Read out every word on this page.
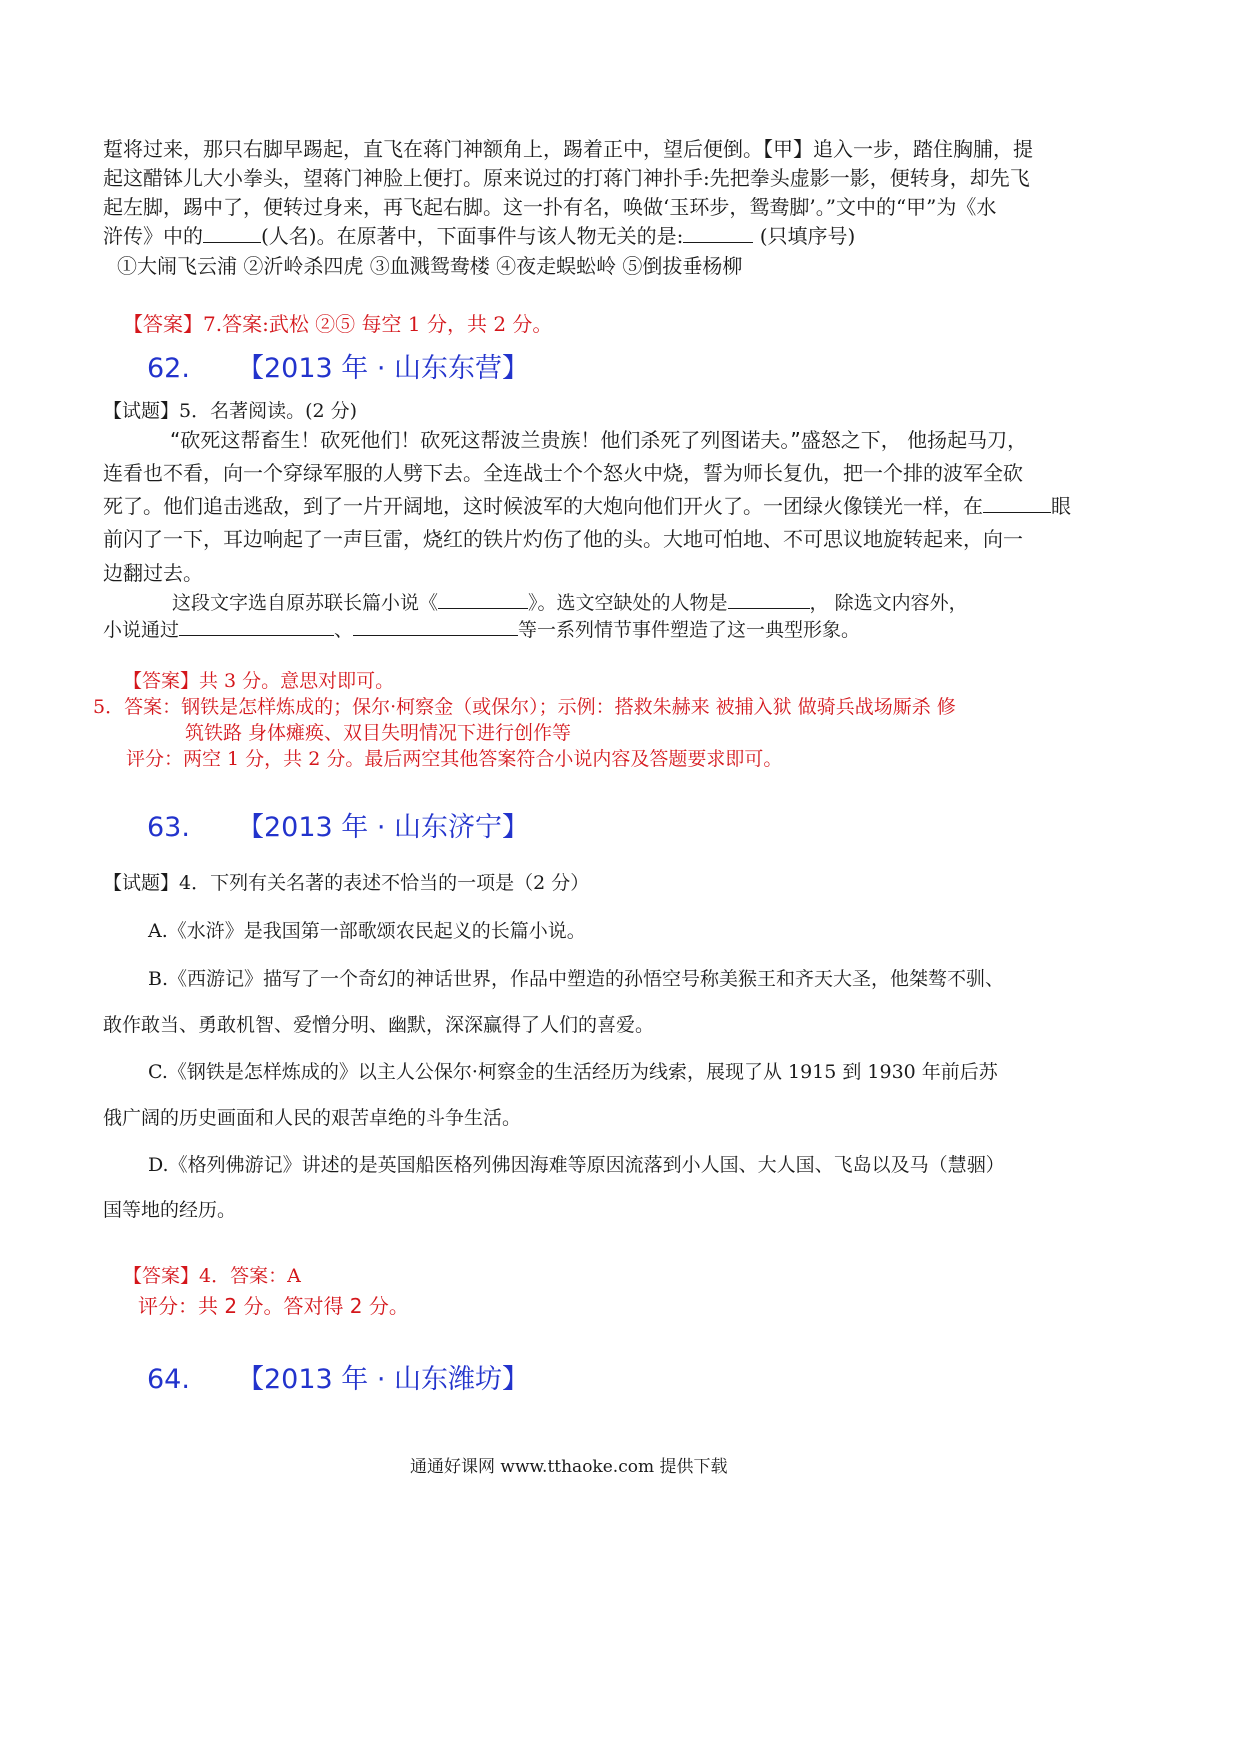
踅将过来，那只右脚早踢起，直飞在蒋门神额角上，踢着正中，望后便倒。【甲】追入一步，踏住胸脯，提
起这醋钵儿大小拳头，望蒋门神脸上便打。原来说过的打蒋门神扑手:先把拳头虚影一影，便转身，却先飞
起左脚，踢中了，便转过身来，再飞起右脚。这一扑有名，唤做‘玉环步，鸳鸯脚’。”文中的“甲”为《水
浒传》中的	(人名)。在原著中，下面事件与该人物无关的是:	(只填序号)
①大闹飞云浦 ②沂岭杀四虎 ③血溅鸳鸯楼 ④夜走蜈蚣岭 ⑤倒拔垂杨柳
【答案】7.答案:武松 ②⑤ 每空 1 分，共 2 分。
62. 【2013 年 · 山东东营】
【试题】5．名著阅读。(2 分)
“砍死这帮畜生！砍死他们！砍死这帮波兰贵族！他们杀死了列图诺夫。”盛怒之下， 他扬起马刀，
连看也不看，向一个穿绿军服的人劈下去。全连战士个个怒火中烧，誓为师长复仇，把一个排的波军全砍
死了。他们追击逃敌，到了一片开阔地，这时候波军的大炮向他们开火了。一团绿火像镁光一样，在	眼
前闪了一下，耳边响起了一声巨雷，烧红的铁片灼伤了他的头。大地可怕地、不可思议地旋转起来，向一
边翻过去。
这段文字选自原苏联长篇小说《	》。选文空缺处的人物是	， 除选文内容外，
小说通过	、	等一系列情节事件塑造了这一典型形象。
【答案】共 3 分。意思对即可。
5．答案：钢铁是怎样炼成的；保尔·柯察金（或保尔）；示例：搭救朱赫来 被捕入狱 做骑兵战场厮杀 修
筑铁路 身体瘫痪、双目失明情况下进行创作等
评分：两空 1 分，共 2 分。最后两空其他答案符合小说内容及答题要求即可。
63. 【2013 年 · 山东济宁】
【试题】4．下列有关名著的表述不恰当的一项是（2 分）
A.《水浒》是我国第一部歌颂农民起义的长篇小说。
B.《西游记》描写了一个奇幻的神话世界，作品中塑造的孙悟空号称美猴王和齐天大圣，他桀骜不驯、
敢作敢当、勇敢机智、爱憎分明、幽默，深深赢得了人们的喜爱。
C.《钢铁是怎样炼成的》以主人公保尔·柯察金的生活经历为线索，展现了从 1915 到 1930 年前后苏
俄广阔的历史画面和人民的艰苦卓绝的斗争生活。
D.《格列佛游记》讲述的是英国船医格列佛因海难等原因流落到小人国、大人国、飞岛以及马（慧骃）
国等地的经历。
【答案】4．答案：A
评分：共 2 分。答对得 2 分。
64. 【2013 年 · 山东潍坊】
通通好课网 www.tthaoke.com 提供下载
